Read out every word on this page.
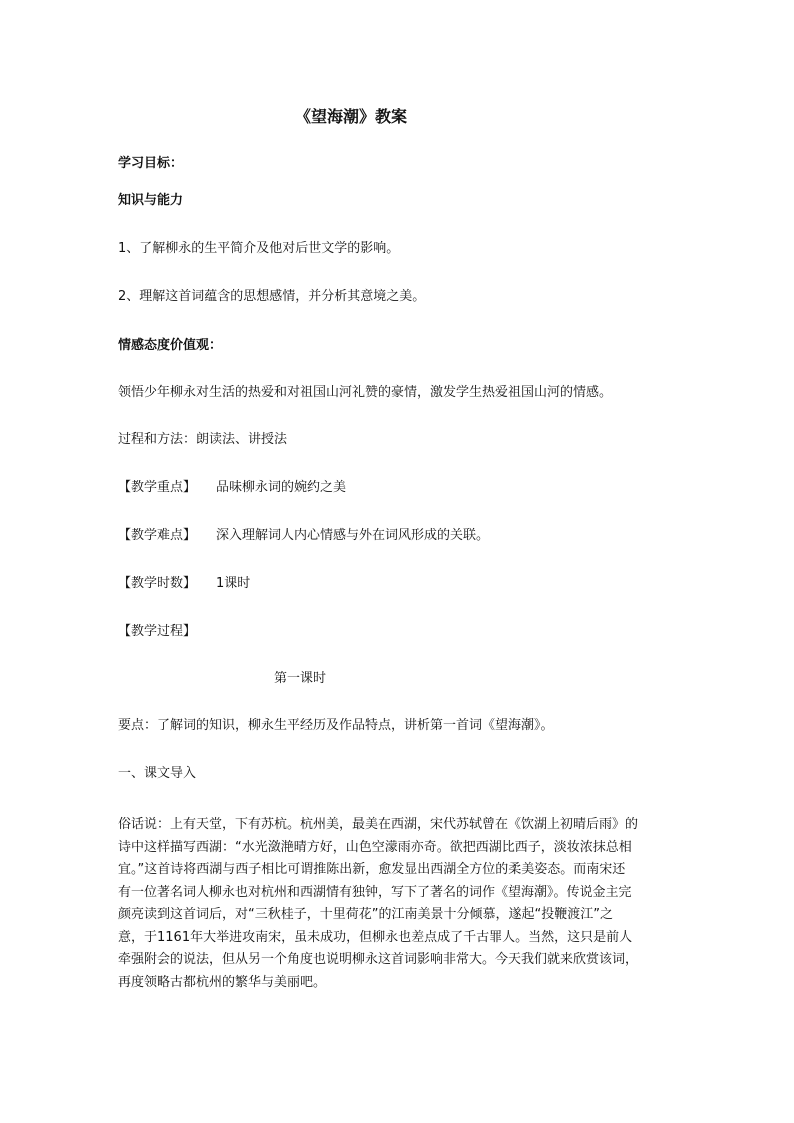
《望海潮》教案
学习目标：
知识与能力
1、了解柳永的生平简介及他对后世文学的影响。
2、理解这首词蕴含的思想感情，并分析其意境之美。
情感态度价值观：
领悟少年柳永对生活的热爱和对祖国山河礼赞的豪情，激发学生热爱祖国山河的情感。
过程和方法：朗读法、讲授法
【教学重点】 品味柳永词的婉约之美
【教学难点】 深入理解词人内心情感与外在词风形成的关联。
【教学时数】 1课时
【教学过程】
第一课时
要点：了解词的知识，柳永生平经历及作品特点，讲析第一首词《望海潮》。
一、课文导入
俗话说：上有天堂，下有苏杭。杭州美，最美在西湖，宋代苏轼曾在《饮湖上初晴后雨》的
诗中这样描写西湖：“水光潋滟晴方好，山色空濛雨亦奇。欲把西湖比西子，淡妆浓抹总相
宜。”这首诗将西湖与西子相比可谓推陈出新，愈发显出西湖全方位的柔美姿态。而南宋还
有一位著名词人柳永也对杭州和西湖情有独钟，写下了著名的词作《望海潮》。传说金主完
颜亮读到这首词后，对“三秋桂子，十里荷花”的江南美景十分倾慕，遂起“投鞭渡江”之
意，于1161年大举进攻南宋，虽未成功，但柳永也差点成了千古罪人。当然，这只是前人
牵强附会的说法，但从另一个角度也说明柳永这首词影响非常大。今天我们就来欣赏该词，
再度领略古都杭州的繁华与美丽吧。
